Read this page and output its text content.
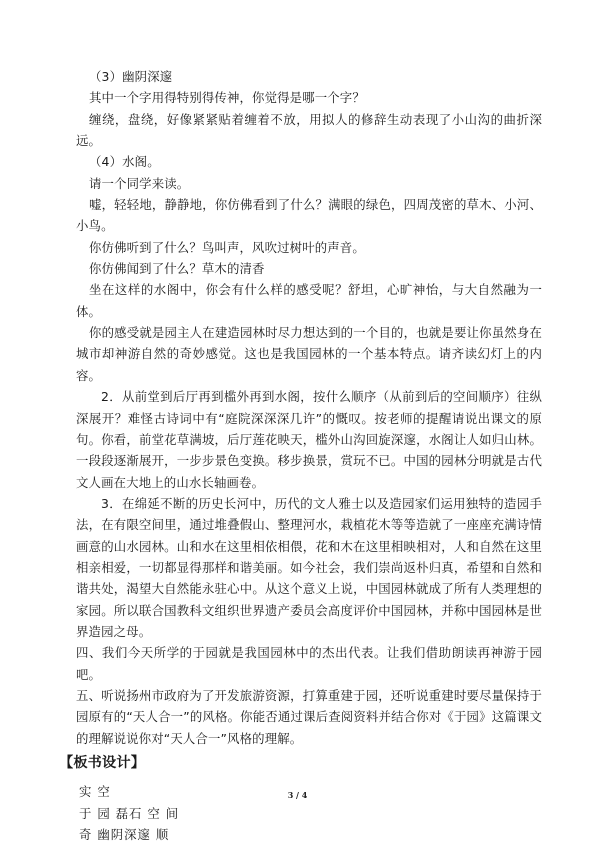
（3）幽阴深邃

其中一个字用得特别得传神，你觉得是哪一个字？

缠绕，盘绕，好像紧紧贴着缠着不放，用拟人的修辞生动表现了小山沟的曲折深远。

（4）水阁。

请一个同学来读。

嘘，轻轻地，静静地，你仿佛看到了什么？满眼的绿色，四周茂密的草木、小河、小鸟。

你仿佛听到了什么？鸟叫声，风吹过树叶的声音。

你仿佛闻到了什么？草木的清香

坐在这样的水阁中，你会有什么样的感受呢？舒坦，心旷神怡，与大自然融为一体。

你的感受就是园主人在建造园林时尽力想达到的一个目的，也就是要让你虽然身在城市却神游自然的奇妙感觉。这也是我国园林的一个基本特点。请齐读幻灯上的内容。

2．从前堂到后厅再到槛外再到水阁，按什么顺序（从前到后的空间顺序）往纵深展开？难怪古诗词中有“庭院深深深几许”的慨叹。按老师的提醒请说出课文的原句。你看，前堂花草满坡，后厅莲花映天，槛外山沟回旋深邃，水阁让人如归山林。一段段逐渐展开，一步步景色变换。移步换景，赏玩不已。中国的园林分明就是古代文人画在大地上的山水长轴画卷。

3．在绵延不断的历史长河中，历代的文人雅士以及造园家们运用独特的造园手法，在有限空间里，通过堆叠假山、整理河水，栽植花木等等造就了一座座充满诗情画意的山水园林。山和水在这里相依相偎，花和木在这里相映相对，人和自然在这里相亲相爱，一切都显得那样和谐美丽。如今社会，我们崇尚返朴归真，希望和自然和谐共处，渴望大自然能永驻心中。从这个意义上说，中国园林就成了所有人类理想的家园。所以联合国教科文组织世界遗产委员会高度评价中国园林，并称中国园林是世界造园之母。

四、我们今天所学的于园就是我国园林中的杰出代表。让我们借助朗读再神游于园吧。

五、听说扬州市政府为了开发旅游资源，打算重建于园，还听说重建时要尽量保持于园原有的“天人合一”的风格。你能否通过课后查阅资料并结合你对《于园》这篇课文的理解说说你对“天人合一”风格的理解。

【板书设计】

实 空

于 园 磊石 空 间

奇 幽阴深邃 顺

3 / 4
